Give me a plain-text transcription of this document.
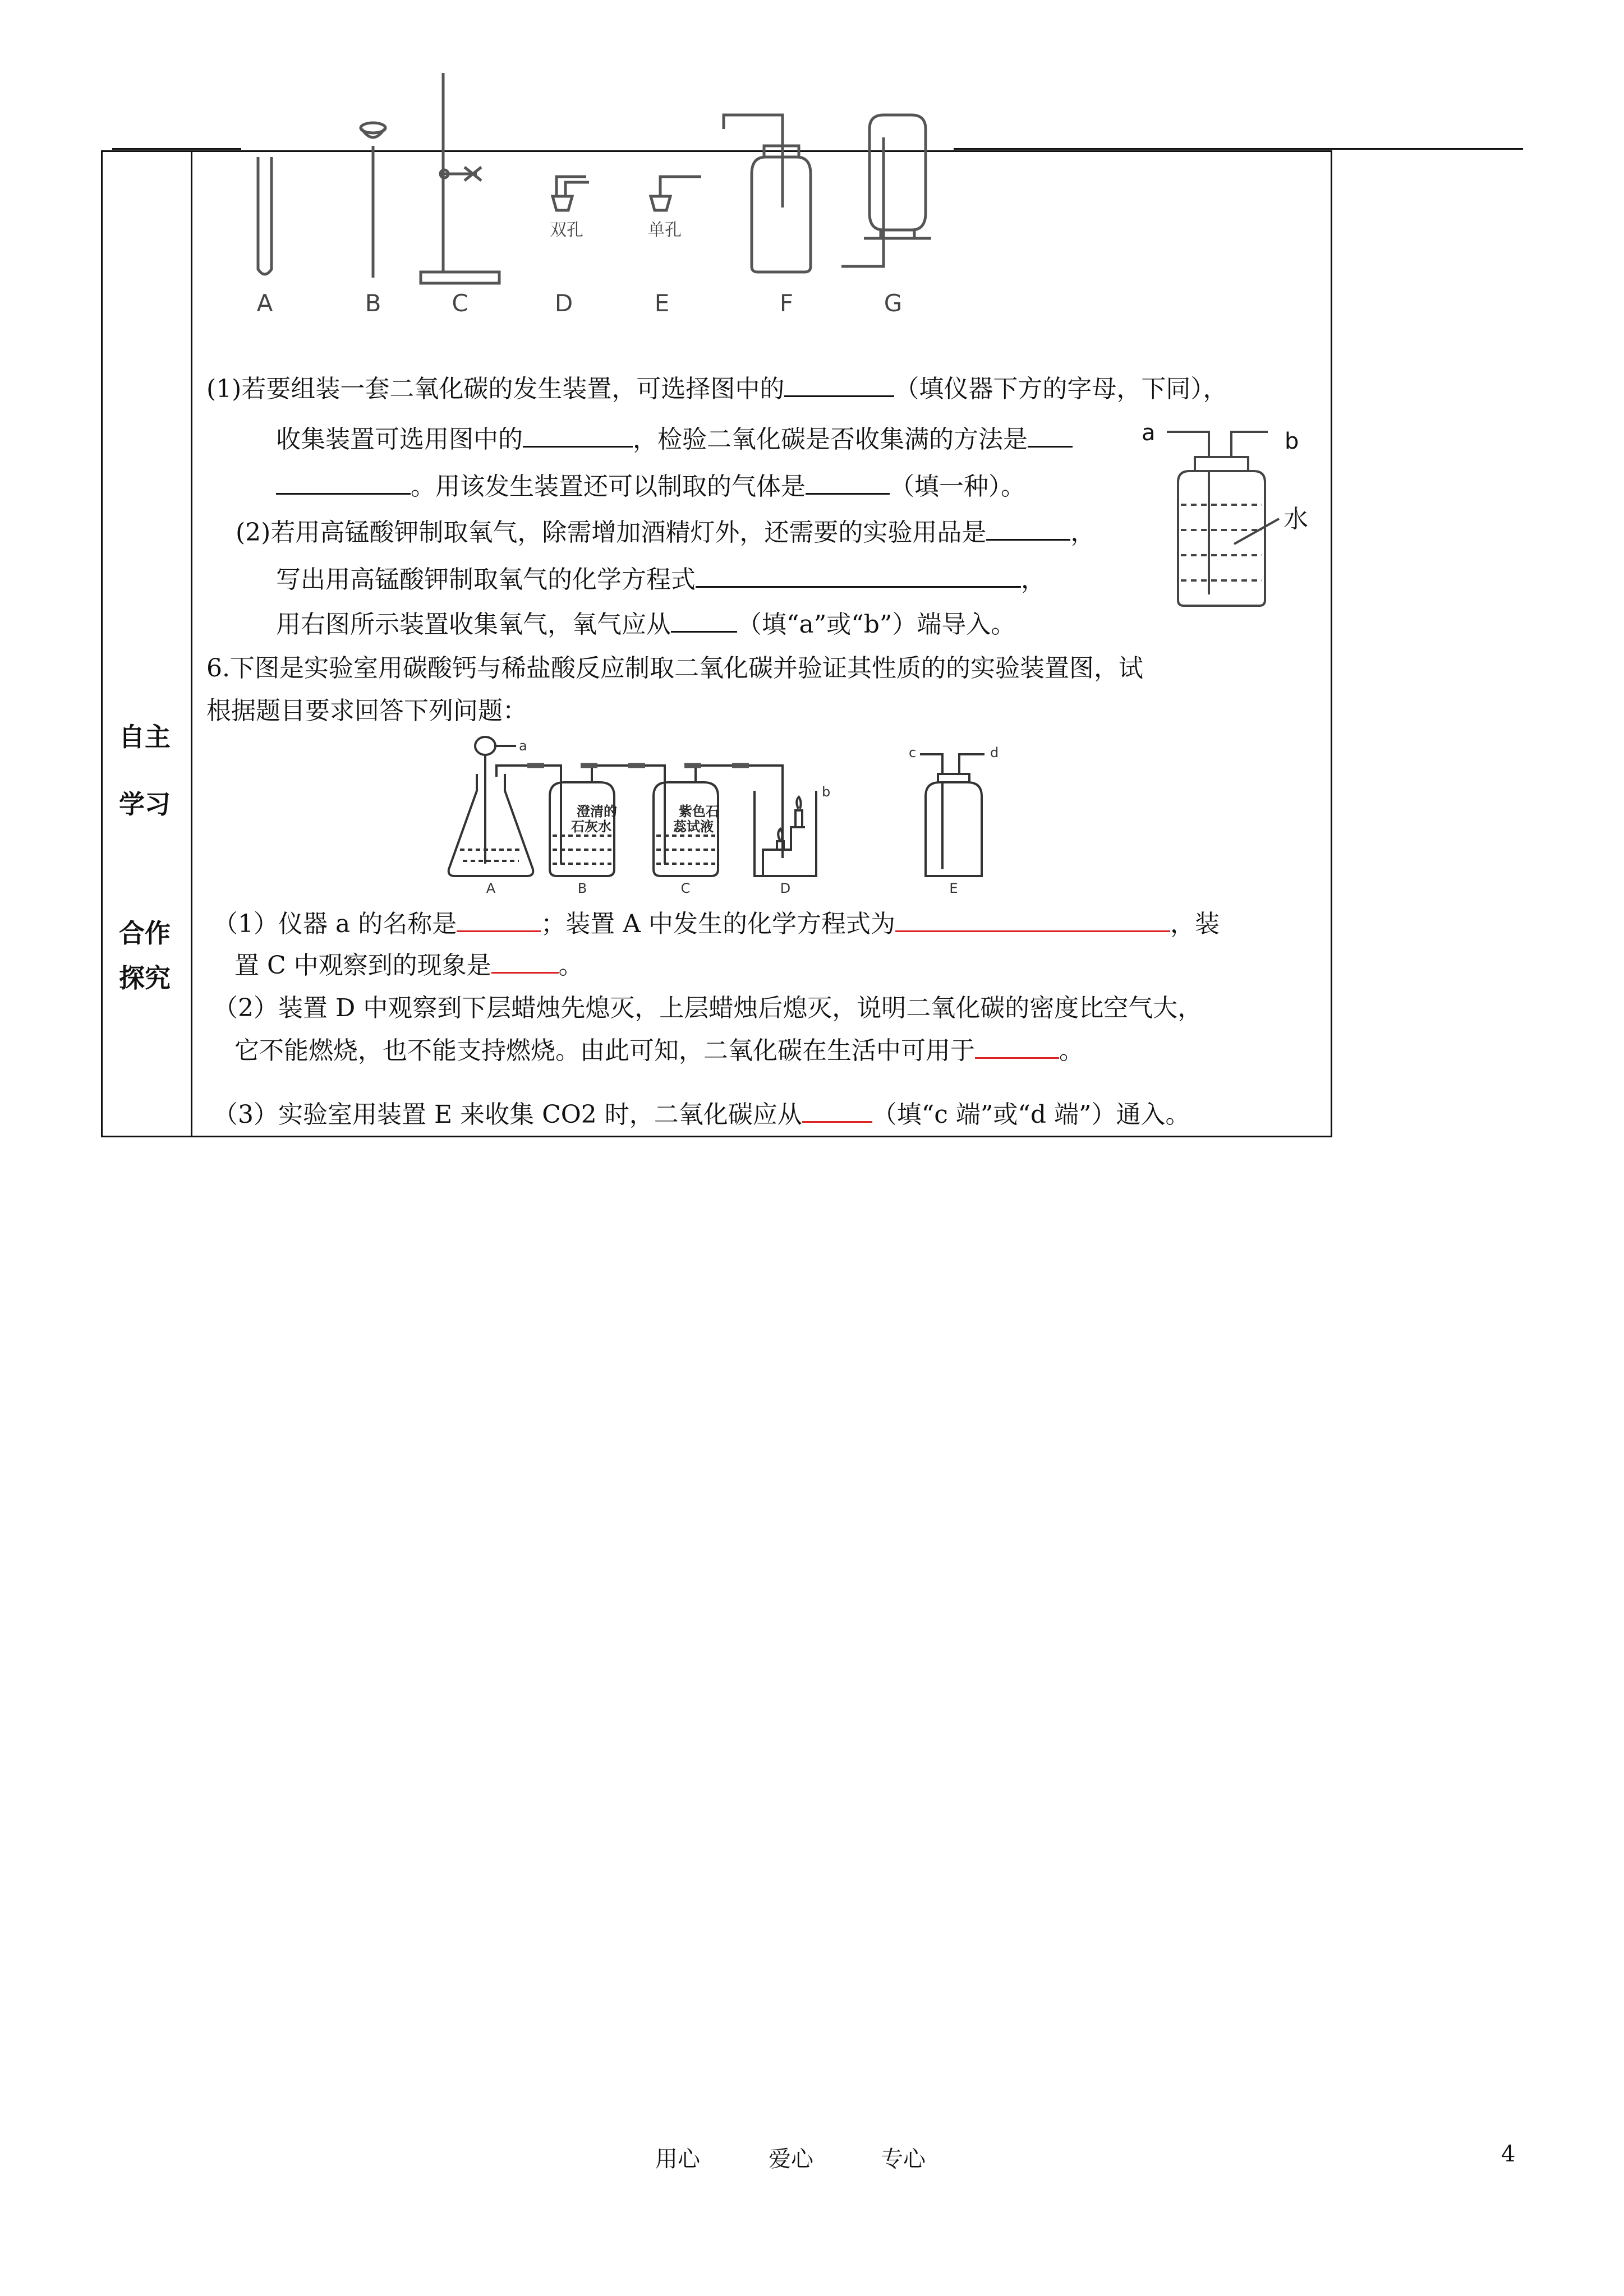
自主
学习
合作
探究
A	B	C	D	E	F	G
双孔	单孔
(1)若要组装一套二氧化碳的发生装置，可选择图中的	（填仪器下方的字母，下同），
收集装置可选用图中的	，检验二氧化碳是否收集满的方法是
。用该发生装置还可以制取的气体是	（填一种）。
(2)若用高锰酸钾制取氧气，除需增加酒精灯外，还需要的实验用品是	，
写出用高锰酸钾制取氧气的化学方程式	，
用右图所示装置收集氧气，氧气应从	（填“a”或“b”）端导入。
a	b
水
6.下图是实验室用碳酸钙与稀盐酸反应制取二氧化碳并验证其性质的的实验装置图，试
根据题目要求回答下列问题：
a
b
c	d
A	B	C	D	E
澄清的
石灰水
紫色石
蕊试液
（1）仪器 a 的名称是	；装置 A 中发生的化学方程式为	，装
置 C 中观察到的现象是	。
（2）装置 D 中观察到下层蜡烛先熄灭，上层蜡烛后熄灭，说明二氧化碳的密度比空气大，
它不能燃烧，也不能支持燃烧。由此可知，二氧化碳在生活中可用于	。
（3）实验室用装置 E 来收集 CO2 时，二氧化碳应从	（填“c 端”或“d 端”）通入。
用心	爱心	专心	4
